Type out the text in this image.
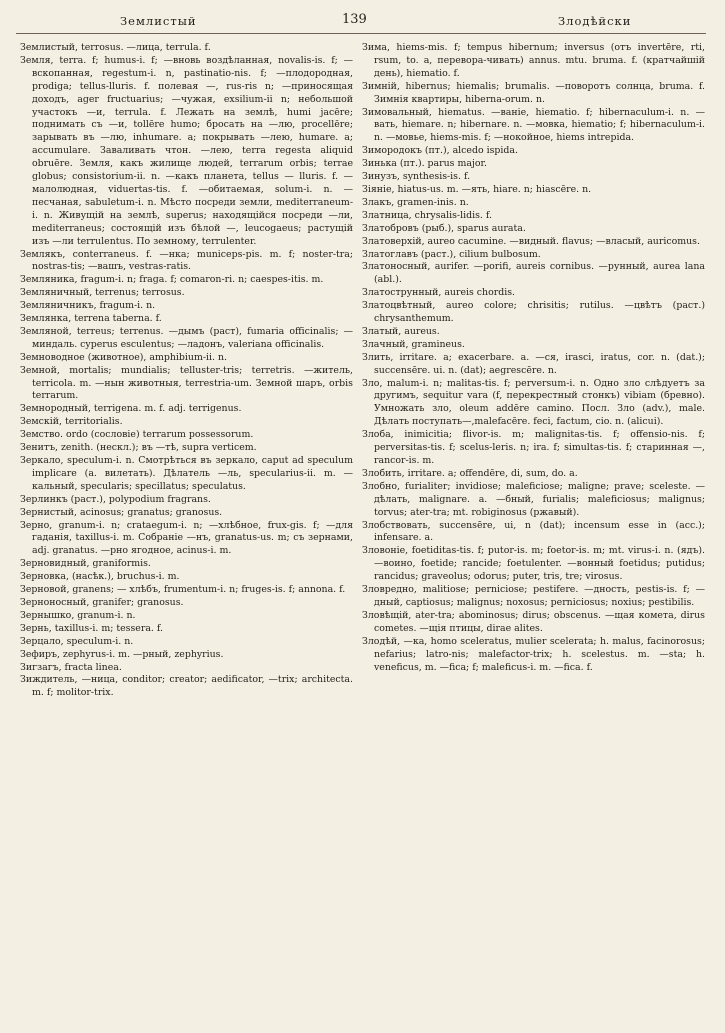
Землистый	139	Злодѣйски

Землистый, terrosus. —лица, terrula. f.

Земля, terra. f; humus-i. f; —вновь воздѣланная, novalis-is. f; —вскопанная, regestum-i. n, pastinatio-nis. f; —плодородная, prodiga; tellus-lluris. f. полевая —, rus-ris n; —приносящая доходъ, ager fructuarius; —чужая, exsilium-ii n; небольшой участокъ —и, terrula. f. Лежать на землѣ, humi jacēre; поднимать съ —и, tollēre humo; бросать на —лю, procellēre; зарывать въ —лю, inhumare. a; покрывать —лею, humare. a; accumulare. Заваливать чтон. —лею, terra regesta aliquid obruēre. Земля, какъ жилище людей, terrarum orbis; terrae globus; consistorium-ii. n. —какъ планета, tellus — lluris. f. —малолюдная, viduertas-tis. f. —обитаемая, solum-i. n. —песчаная, sabuletum-i. n. Мѣсто посреди земли, mediterraneum-i. n. Живущій на землѣ, superus; находящійся посреди —ли, mediterraneus; состоящій изъ бѣлой —, leucogaeus; растущій изъ —ли terrulentus. По земному, terrulenter.

Землякъ, conterraneus. f. —нка; municeps-pis. m. f; noster-tra; nostras-tis; —вашъ, vestras-ratis.

Земляника, fragum-i. n; fraga. f; comaron-ri. n; caespes-itis. m.

Земляничный, terrenus; terrosus.

Земляничникъ, fragum-i. n.

Землянка, terrena taberna. f.

Земляной, terreus; terrenus. —дымъ (раст), fumaria officinalis; —миндаль. cyperus esculentus; —ладонъ, valeriana officinalis.

Земноводное (животное), amphibium-ii. n.

Земной, mortalis; mundialis; telluster-tris; terretris. —житель, terricola. m. —нын животныя, terrestria-um. Земной шаръ, orbis terrarum.

Земнородный, terrigena. m. f. adj. terrigenus.

Земскій, territorialis.

Земство. ordo (сословіе) terrarum possessorum.

Зенитъ, zenith. (нескл.); въ —тѣ, supra verticem.

Зеркало, speculum-i. n. Смотрѣться въ зеркало, caput ad speculum implicare (a. вилетать). Дѣлатель —ль, specularius-ii. m. —кальный, specularis; specillatus; speculatus.

Зерлинкъ (раст.), polypodium fragrans.

Зернистый, acinosus; granatus; granosus.

Зерно, granum-i. n; crataegum-i. n; —хлѣбное, frux-gis. f; —для гаданія, taxillus-i. m. Собраніе —нъ, granatus-us. m; съ зернами, adj. granatus. —рно ягодное, acinus-i. m.

Зерновидный, graniformis.

Зерновка, (насѣк.), bruchus-i. m.

Зерновой, granens; — хлѣбъ, frumentum-i. n; fruges-is. f; annona. f.

Зерноносный, granifer; granosus.

Зернышко, granum-i. n.

Зернь, taxillus-i. m; tessera. f.

Зерцало, speculum-i. n.

Зефиръ, zephyrus-i. m. —рный, zephyrius.

Зигзагъ, fracta linea.

Зиждитель, —ница, conditor; creator; aedificator, —trix; architecta. m. f; molitor-trix.

Зима, hiems-mis. f; tempus hibernum; inversus (отъ invertēre, rti, rsum, to. a, перевора-чивать) annus. mtu. bruma. f. (кратчайшій день), hiematio. f.

Зимній, hibernus; hiemalis; brumalis. —поворотъ солнца, bruma. f. Зимнія квартиры, hiberna-orum. n.

Зимовальный, hiematus. —ваніе, hiematio. f; hibernaculum-i. n. —вать, hiemare. n; hibernare. n. —мовка, hiematio; f; hibernaculum-i. n. —мовье, hiems-mis. f; —нокойное, hiems intrepida.

Зимородокъ (пт.), alcedo ispida.

Зинька (пт.). parus major.

Зинузъ, synthesis-is. f.

Зіяніе, hiatus-us. m. —ять, hiare. n; hiascēre. n.

Злакъ, gramen-inis. n.

Златница, chrysalis-lidis. f.

Златобровъ (рыб.), sparus aurata.

Златоверхій, aureo cacumine. —видный. flavus; —власый, auricomus.

Златоглавъ (раст.), cilium bulbosum.

Златоносный, aurifer. —porifi, aureis cornibus. —рунный, aurea lana (abl.).

Златострунный, aureis chordis.

Златоцвѣтный, aureo colore; chrisitis; rutilus. —цвѣтъ (раст.) chrysanthemum.

Златый, aureus.

Злачный, gramineus.

Злить, irritare. a; exacerbare. a. —ся, irasci, iratus, cor. n. (dat.); succensēre. ui. n. (dat); aegrescēre. n.

Зло, malum-i. n; malitas-tis. f; perversum-i. n. Одно зло слѣдуетъ за другимъ, sequitur vara (f, перекрестный стонкъ) vibiam (бревно). Умножать зло, oleum addēre camino. Посл. Зло (adv.), male. Дѣлать поступать—,malefacēre. feci, factum, cio. n. (alicui).

Злоба, inimicitia; flivor-is. m; malignitas-tis. f; offensio-nis. f; perversitas-tis. f; scelus-leris. n; ira. f; simultas-tis. f; старинная —, rancor-is. m.

Злобить, irritare. a; offendēre, di, sum, do. a.

Злобно, furialiter; invidiose; maleficiose; maligne; prave; sceleste. —дѣлать, malignare. a. —бный, furialis; maleficiosus; malignus; torvus; ater-tra; mt. robiginosus (ржавый).

Злобствовать, succensēre, ui, n (dat); incensum esse in (acc.); infensare. a.

Зловоніе, foetiditas-tis. f; putor-is. m; foetor-is. m; mt. virus-i. n. (ядъ). —воино, foetide; rancide; foetulenter. —вонный foetidus; putidus; rancidus; graveolus; odorus; puter, tris, tre; virosus.

Зловредно, malitiose; perniciose; pestifere. —дность, pestis-is. f; —дный, captiosus; malignus; noxosus; perniciosus; noxius; pestibilis.

Зловѣщій, ater-tra; abominosus; dirus; obscenus. —щая комета, dirus cometes. —щія птицы, dirae alites.

Злодѣй, —ка, homo sceleratus, mulier scelerata; h. malus, facinorosus; nefarius; latro-nis; malefactor-trix; h. scelestus. m. —sta; h. veneficus, m. —fica; f; maleficus-i. m. —fica. f.
